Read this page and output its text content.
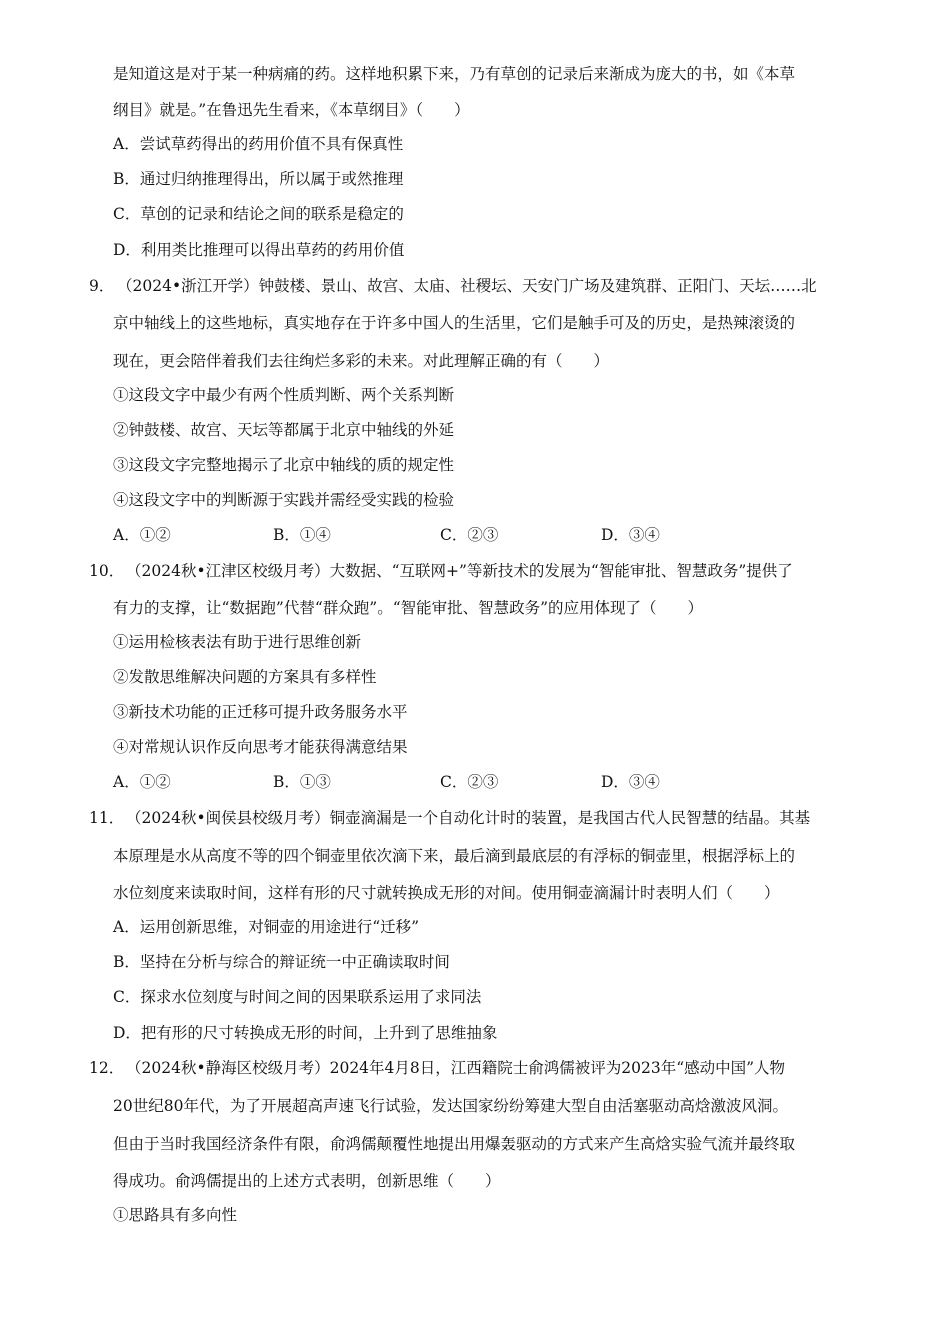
是知道这是对于某一种病痛的药。这样地积累下来，乃有草创的记录后来渐成为庞大的书，如《本草
纲目》就是。”在鲁迅先生看来，《本草纲目》（　　）
A．尝试草药得出的药用价值不具有保真性
B．通过归纳推理得出，所以属于或然推理
C．草创的记录和结论之间的联系是稳定的
D．利用类比推理可以得出草药的药用价值
9． （2024•浙江开学）钟鼓楼、景山、故宫、太庙、社稷坛、天安门广场及建筑群、正阳门、天坛……北
京中轴线上的这些地标，真实地存在于许多中国人的生活里，它们是触手可及的历史，是热辣滚烫的
现在，更会陪伴着我们去往绚烂多彩的未来。对此理解正确的有（　　）
①这段文字中最少有两个性质判断、两个关系判断
②钟鼓楼、故宫、天坛等都属于北京中轴线的外延
③这段文字完整地揭示了北京中轴线的质的规定性
④这段文字中的判断源于实践并需经受实践的检验
A．①②	B．①④	C．②③	D．③④
10． （2024秋•江津区校级月考）大数据、“互联网+”等新技术的发展为“智能审批、智慧政务”提供了
有力的支撑，让“数据跑”代替“群众跑”。“智能审批、智慧政务”的应用体现了（　　）
①运用检核表法有助于进行思维创新
②发散思维解决问题的方案具有多样性
③新技术功能的正迁移可提升政务服务水平
④对常规认识作反向思考才能获得满意结果
A．①②	B．①③	C．②③	D．③④
11． （2024秋•闽侯县校级月考）铜壶滴漏是一个自动化计时的装置，是我国古代人民智慧的结晶。其基
本原理是水从高度不等的四个铜壶里依次滴下来，最后滴到最底层的有浮标的铜壶里，根据浮标上的
水位刻度来读取时间，这样有形的尺寸就转换成无形的对间。使用铜壶滴漏计时表明人们（　　）
A．运用创新思维，对铜壶的用途进行“迁移”
B．坚持在分析与综合的辩证统一中正确读取时间
C．探求水位刻度与时间之间的因果联系运用了求同法
D．把有形的尺寸转换成无形的时间，上升到了思维抽象
12． （2024秋•静海区校级月考）2024年4月8日，江西籍院士俞鸿儒被评为2023年“感动中国”人物
20世纪80年代，为了开展超高声速飞行试验，发达国家纷纷筹建大型自由活塞驱动高焓激波风洞。
但由于当时我国经济条件有限，俞鸿儒颠覆性地提出用爆轰驱动的方式来产生高焓实验气流并最终取
得成功。俞鸿儒提出的上述方式表明，创新思维（　　）
①思路具有多向性
